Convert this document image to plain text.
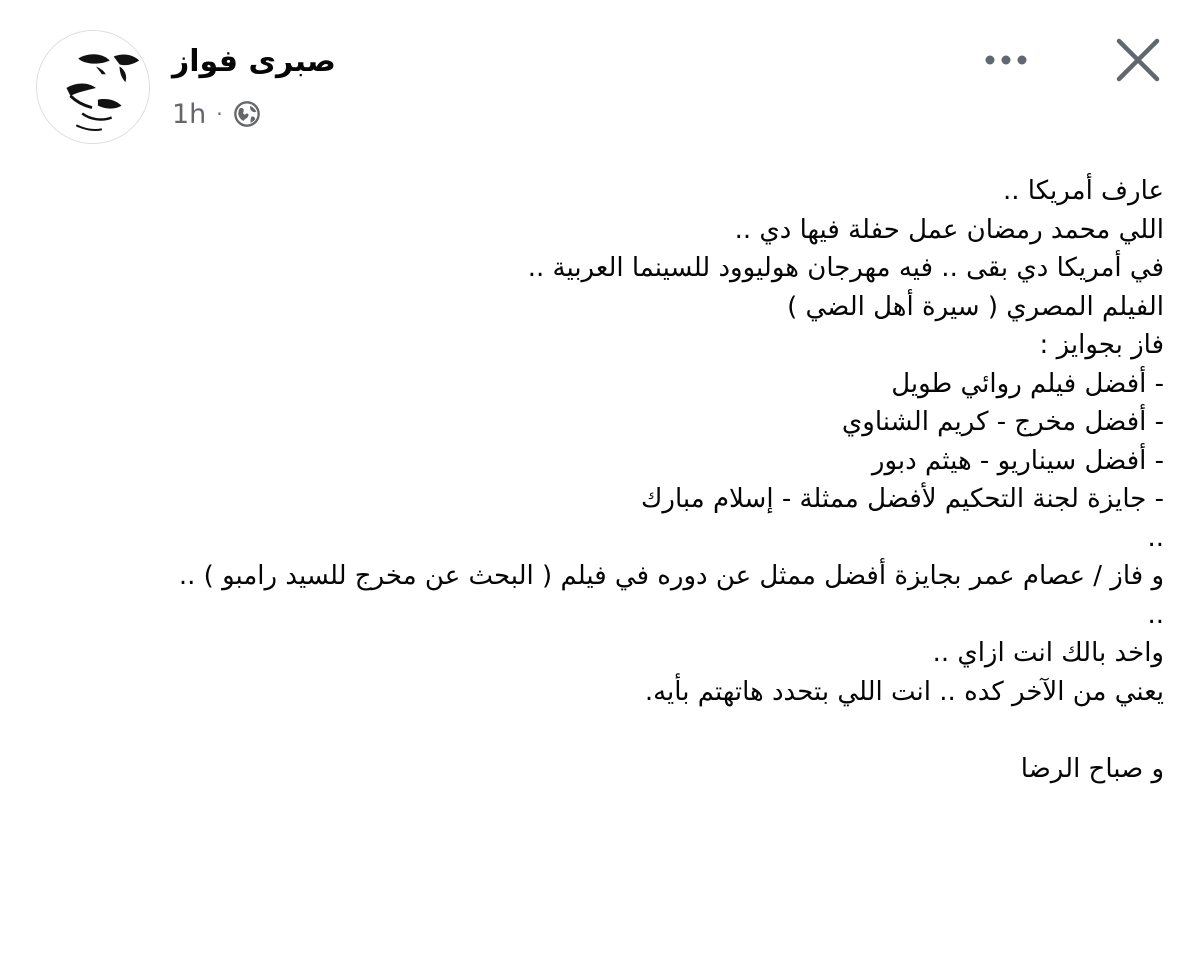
صبرى فواز
1h ·
عارف أمريكا ..
اللي محمد رمضان عمل حفلة فيها دي ..
في أمريكا دي بقى .. فيه مهرجان هوليوود للسينما العربية ..
الفيلم المصري ( سيرة أهل الضي )
فاز بجوايز :
- أفضل فيلم روائي طويل
- أفضل مخرج - كريم الشناوي
- أفضل سيناريو - هيثم دبور
- جايزة لجنة التحكيم لأفضل ممثلة - إسلام مبارك
..
و فاز / عصام عمر بجايزة أفضل ممثل عن دوره في فيلم ( البحث عن مخرج للسيد رامبو ) ..
..
واخد بالك انت ازاي ..
يعني من الآخر كده .. انت اللي بتحدد هاتهتم بأيه.
و صباح الرضا
